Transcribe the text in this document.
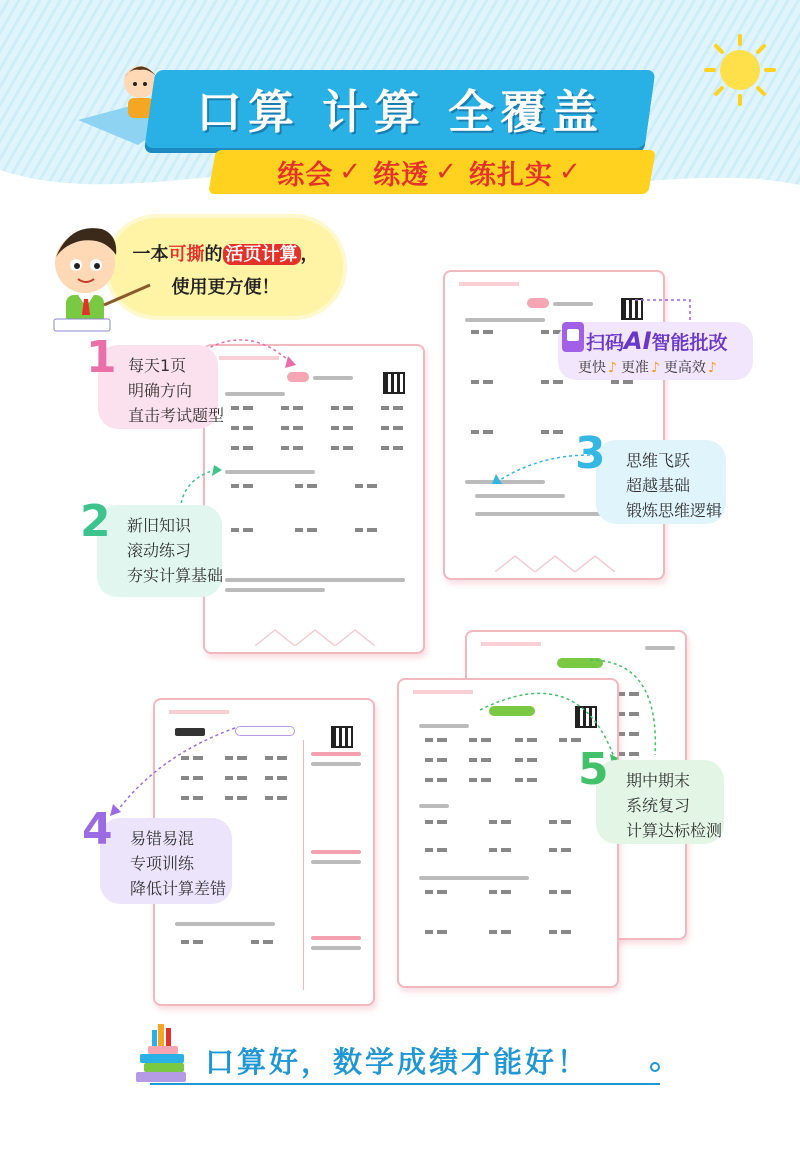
口算 计算 全覆盖
练会 ✓ 练透 ✓ 练扎实 ✓
一本可撕的 活页计算 ，
使用更方便！
扫码AI智能批改
更快 ♪ 更准 ♪ 更高效 ♪
每天1页
明确方向
直击考试题型
1
新旧知识
滚动练习
夯实计算基础
2
思维飞跃
超越基础
锻炼思维逻辑
3
易错易混
专项训练
降低计算差错
4
期中期末
系统复习
计算达标检测
5
口算好，数学成绩才能好！
